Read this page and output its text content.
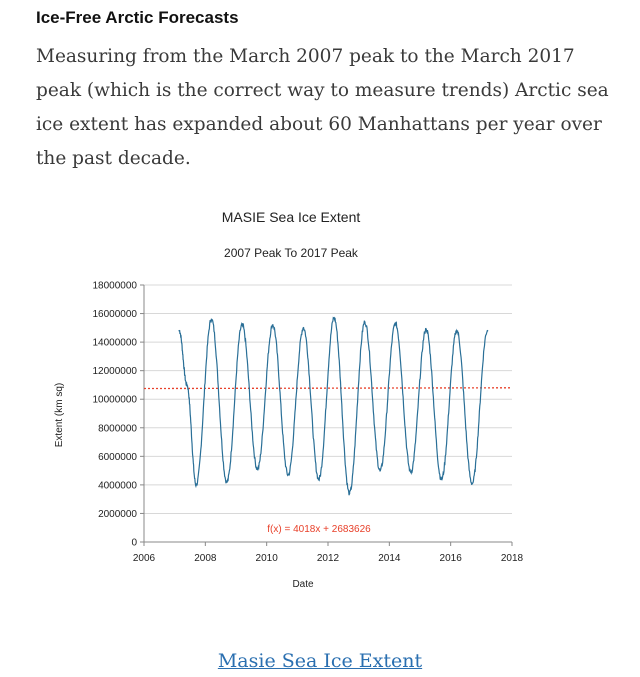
Ice-Free Arctic Forecasts
Measuring from the March 2007 peak to the March 2017 peak (which is the correct way to measure trends) Arctic sea ice extent has expanded about 60 Manhattans per year over the past decade.
MASIE Sea Ice Extent
2007 Peak To 2017 Peak
0
2000000
4000000
6000000
8000000
10000000
12000000
14000000
16000000
18000000
2006	2008	2010	2012	2014	2016	2018
f(x) = 4018x + 2683626
Date
Extent (km sq)
Masie Sea Ice Extent
